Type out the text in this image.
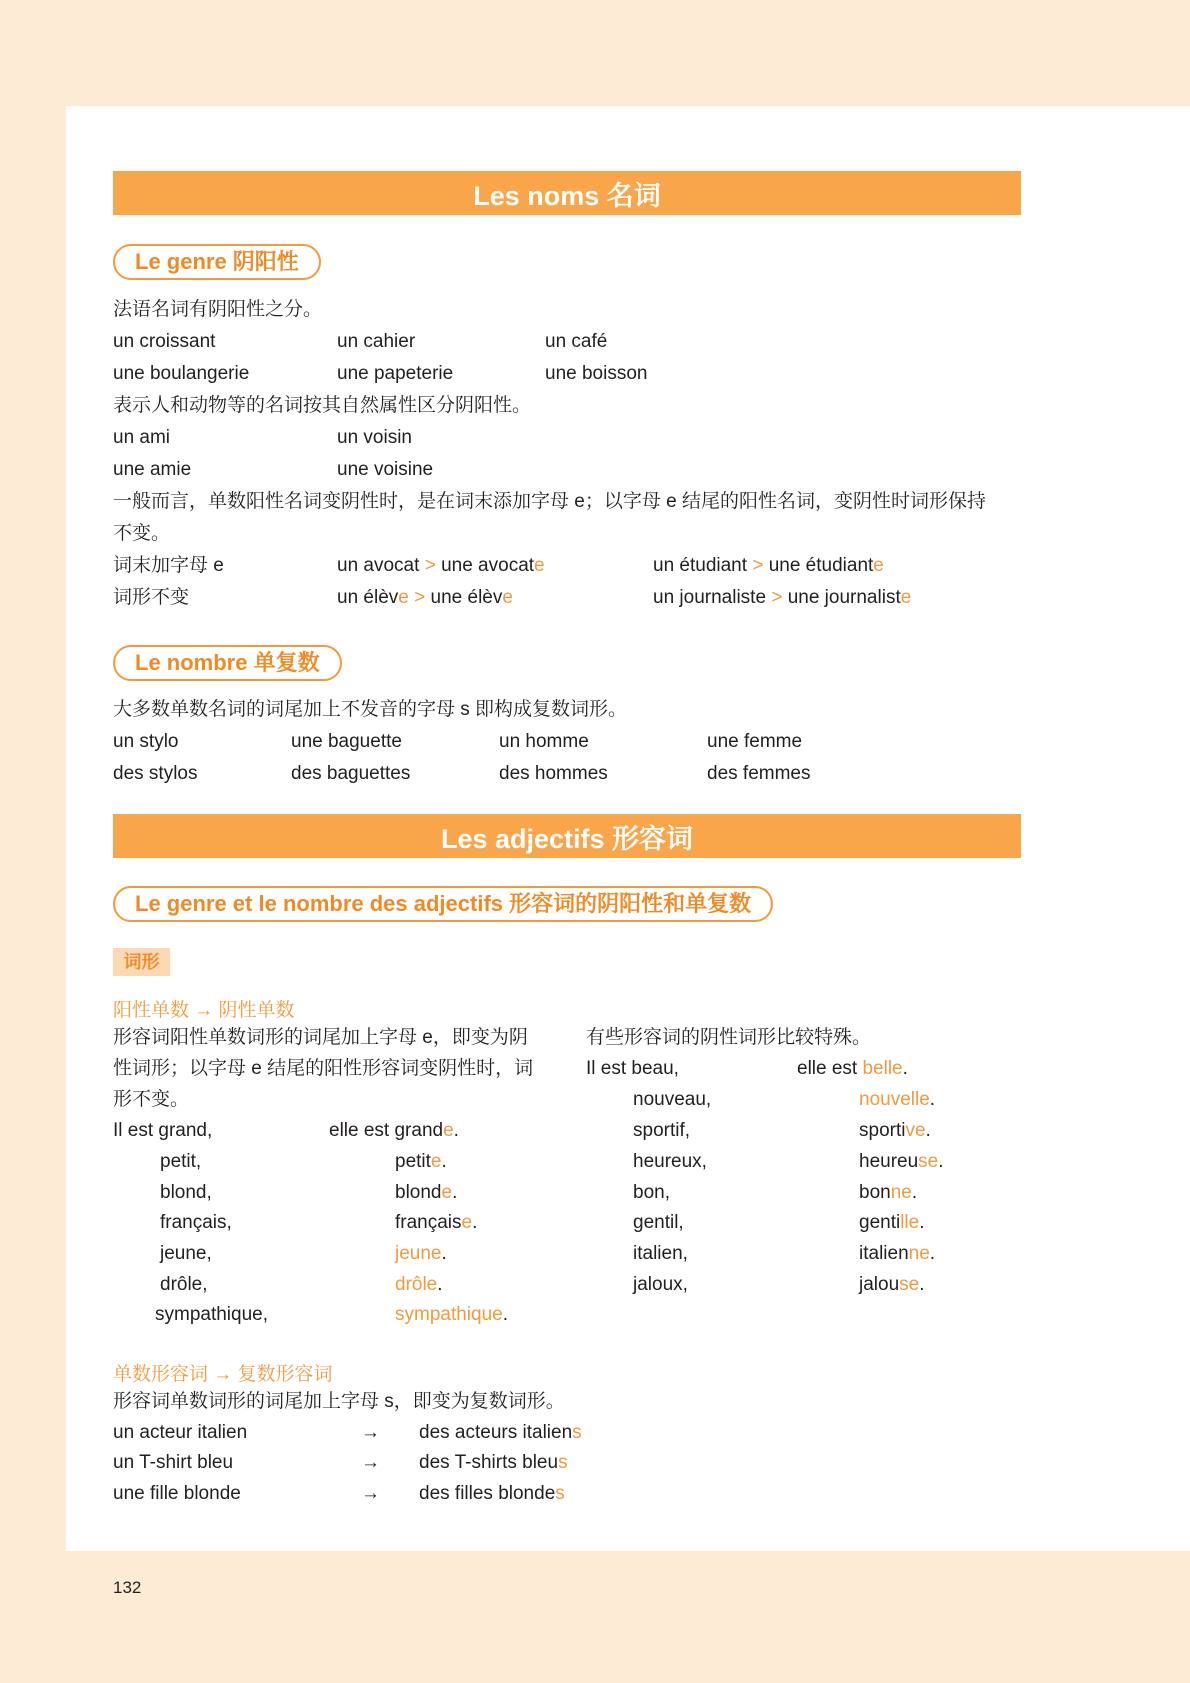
Les noms 名词
Le genre 阴阳性
法语名词有阴阳性之分。
un croissant	un cahier	un café
une boulangerie	une papeterie	une boisson
表示人和动物等的名词按其自然属性区分阴阳性。
un ami	un voisin
une amie	une voisine
一般而言，单数阳性名词变阴性时，是在词末添加字母 e；以字母 e 结尾的阳性名词，变阴性时词形保持
不变。
词末加字母 e	un avocat > une avocate	un étudiant > une étudiante
词形不变	un élève > une élève	un journaliste > une journaliste
Le nombre 单复数
大多数单数名词的词尾加上不发音的字母 s 即构成复数词形。
un stylo	une baguette	un homme	une femme
des stylos	des baguettes	des hommes	des femmes
Les adjectifs 形容词
Le genre et le nombre des adjectifs 形容词的阴阳性和单复数
词形
阳性单数 → 阴性单数
形容词阳性单数词形的词尾加上字母 e，即变为阴
性词形；以字母 e 结尾的阳性形容词变阴性时，词
形不变。
Il est grand,	elle est grande.
petit,	petite.
blond,	blonde.
français,	française.
jeune,	jeune.
drôle,	drôle.
sympathique,	sympathique.
有些形容词的阴性词形比较特殊。
Il est beau,	elle est belle.
nouveau,	nouvelle.
sportif,	sportive.
heureux,	heureuse.
bon,	bonne.
gentil,	gentille.
italien,	italienne.
jaloux,	jalouse.
单数形容词 → 复数形容词
形容词单数词形的词尾加上字母 s，即变为复数词形。
un acteur italien	→ des acteurs italiens
un T-shirt bleu	→ des T-shirts bleus
une fille blonde	→ des filles blondes
132
